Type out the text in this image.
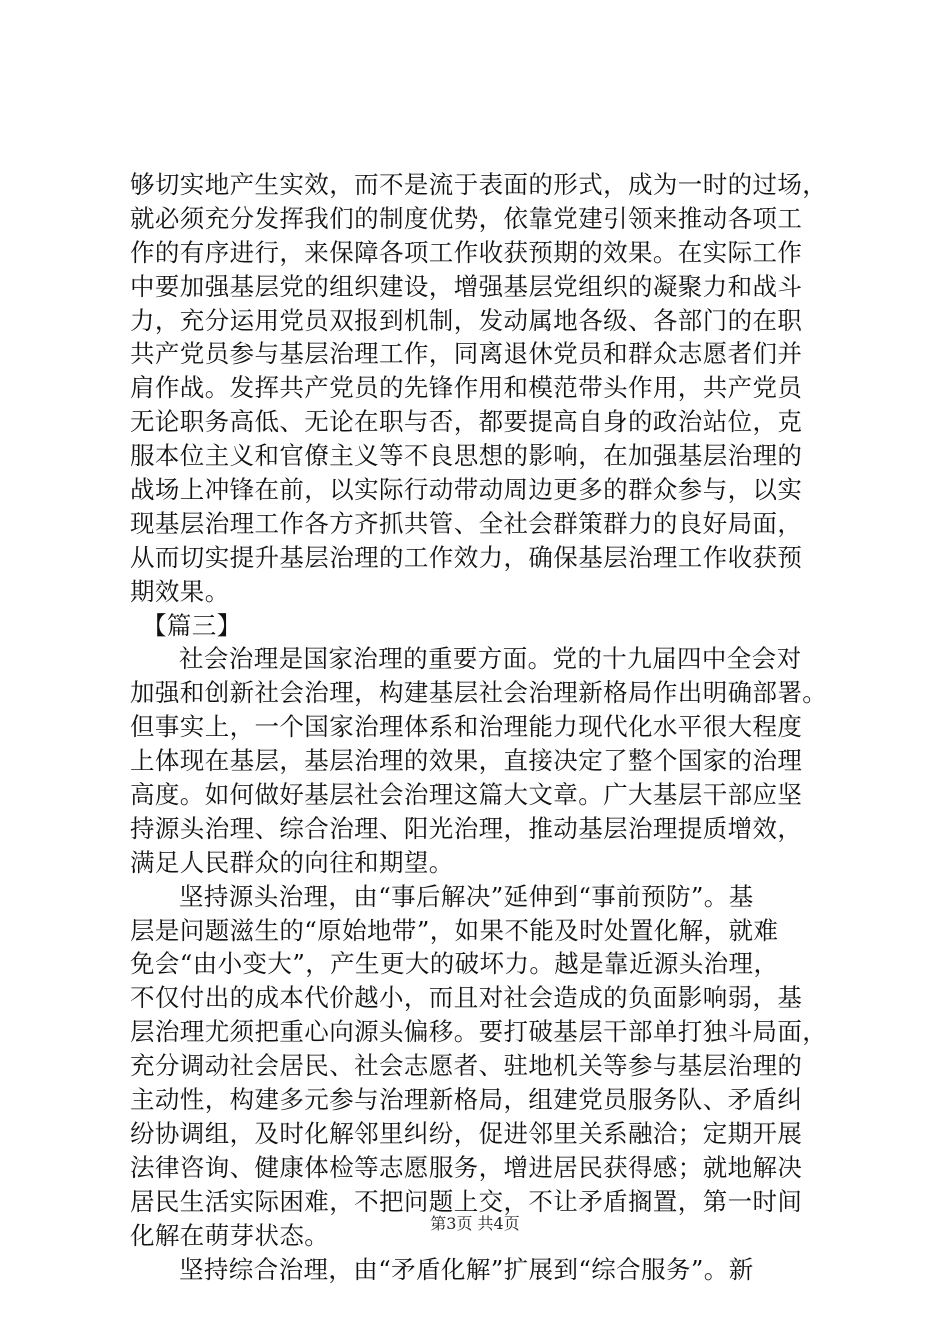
够切实地产生实效，而不是流于表面的形式，成为一时的过场，
就必须充分发挥我们的制度优势，依靠党建引领来推动各项工
作的有序进行，来保障各项工作收获预期的效果。在实际工作
中要加强基层党的组织建设，增强基层党组织的凝聚力和战斗
力，充分运用党员双报到机制，发动属地各级、各部门的在职
共产党员参与基层治理工作，同离退休党员和群众志愿者们并
肩作战。发挥共产党员的先锋作用和模范带头作用，共产党员
无论职务高低、无论在职与否，都要提高自身的政治站位，克
服本位主义和官僚主义等不良思想的影响，在加强基层治理的
战场上冲锋在前，以实际行动带动周边更多的群众参与，以实
现基层治理工作各方齐抓共管、全社会群策群力的良好局面，
从而切实提升基层治理的工作效力，确保基层治理工作收获预
期效果。
【篇三】
社会治理是国家治理的重要方面。党的十九届四中全会对
加强和创新社会治理，构建基层社会治理新格局作出明确部署。
但事实上，一个国家治理体系和治理能力现代化水平很大程度
上体现在基层，基层治理的效果，直接决定了整个国家的治理
高度。如何做好基层社会治理这篇大文章。广大基层干部应坚
持源头治理、综合治理、阳光治理，推动基层治理提质增效，
满足人民群众的向往和期望。
坚持源头治理，由“事后解决”延伸到“事前预防”。基
层是问题滋生的“原始地带”，如果不能及时处置化解，就难
免会“由小变大”，产生更大的破坏力。越是靠近源头治理，
不仅付出的成本代价越小，而且对社会造成的负面影响弱，基
层治理尤须把重心向源头偏移。要打破基层干部单打独斗局面，
充分调动社会居民、社会志愿者、驻地机关等参与基层治理的
主动性，构建多元参与治理新格局，组建党员服务队、矛盾纠
纷协调组，及时化解邻里纠纷，促进邻里关系融洽；定期开展
法律咨询、健康体检等志愿服务，增进居民获得感；就地解决
居民生活实际困难，不把问题上交，不让矛盾搁置，第一时间
化解在萌芽状态。
坚持综合治理，由“矛盾化解”扩展到“综合服务”。新
第3页 共4页
